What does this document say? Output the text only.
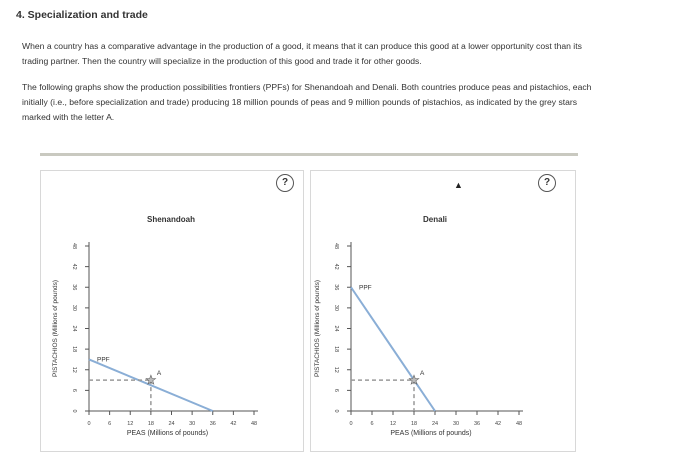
4. Specialization and trade
When a country has a comparative advantage in the production of a good, it means that it can produce this good at a lower opportunity cost than its
trading partner. Then the country will specialize in the production of this good and trade it for other goods.
The following graphs show the production possibilities frontiers (PPFs) for Shenandoah and Denali. Both countries produce peas and pistachios, each
initially (i.e., before specialization and trade) producing 18 million pounds of peas and 9 million pounds of pistachios, as indicated by the grey stars
marked with the letter A.
Shenandoah
0	6	12	18	24	30	36	42	48
0
6
12
18
24
30
36
42
48
PEAS (Millions of pounds)
PISTACHIOS (Millions of pounds)	PPF
A
?
Denali
0	6	12	18	24	30	36	42	48
0
6
12
18
24
30
36
42
48
PEAS (Millions of pounds)
PISTACHIOS (Millions of pounds)	PPF
A
?
▲
